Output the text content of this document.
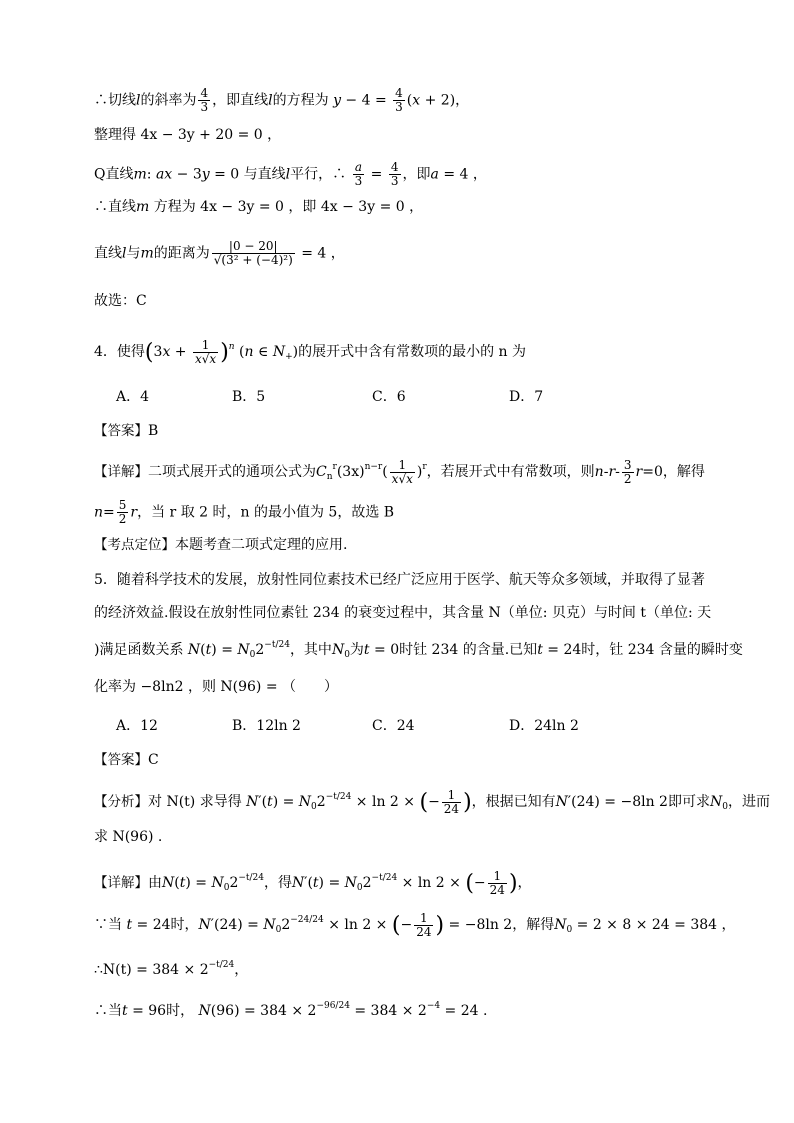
∴切线l的斜率为 $\frac{4}{3}$ ，即直线l的方程为 $y - 4 = \frac{4}{3} (x + 2)$，
整理得 4x − 3y + 20 = 0 ，
Q直线m: ax − 3y = 0 与直线l平行，∴ $\frac{a}{3} = \frac{4}{3}$ ，即a = 4 ，
∴直线m 方程为 4x − 3y = 0 ，即 4x − 3y = 0 ，
直线l与m的距离为 $\frac{|0 - 20|}{\text{√(3² + (−4)²)}} = 4$ ，
故选：C
4．使得$(3x + \frac{1}{x√x} )^n$ (n ∈ $N_+$)的展开式中含有常数项的最小的 n 为
A．4	B．5	C．6	D．7
【答案】B
【详解】二项式展开式的通项公式为$C_n^r(3x)^{n-r}( \frac{1}{x√x} )^r$，若展开式中有常数项，则$n-r- \frac{3}{2} r=0$，解得
$n= \frac{5}{2}$ r，当 r 取 2 时，n 的最小值为 5，故选 B
【考点定位】本题考查二项式定理的应用.
5．随着科学技术的发展，放射性同位素技术已经广泛应用于医学、航天等众多领域，并取得了显著
的经济效益.假设在放射性同位素钍 234 的衰变过程中，其含量 N（单位: 贝克）与时间 t（单位: 天
)满足函数关系 $N(t) = N_02^{-t/24}$，其中$N_0$为t = 0时钍 234 的含量.已知t = 24时，钍 234 含量的瞬时变
化率为 −8ln2 ，则 N(96) = （　　）
A．12	B．12ln 2	C．24	D．24ln 2
【答案】C
【分析】对 N(t) 求导得 $N'(t) = N_02^{-t/24} \times \ln 2$ × (− $\frac{1}{24}$ )，根据已知有N′(24) = −8ln 2即可求$N_0$，进而
求 N(96) .
【详解】由$N(t) = N_02^{-t/24}$，得$N'(t) = N_02^{-t/24} \times \ln 2$ × (− $\frac{1}{24}$ )，
∵当 t = 24时，$N'(24) = N_02^{-24/24} \times \ln 2$ × (− $\frac{1}{24}$ ) = −8ln 2，解得$N_0 = 2 \times 8 \times 24 = 384$ ，
∴N(t) = $384 \times 2^{-t/24}$，
∴当t = 96时， $N(96) = 384 \times 2^{-96/24} = 384 \times 2^{-4} = 24$ .
